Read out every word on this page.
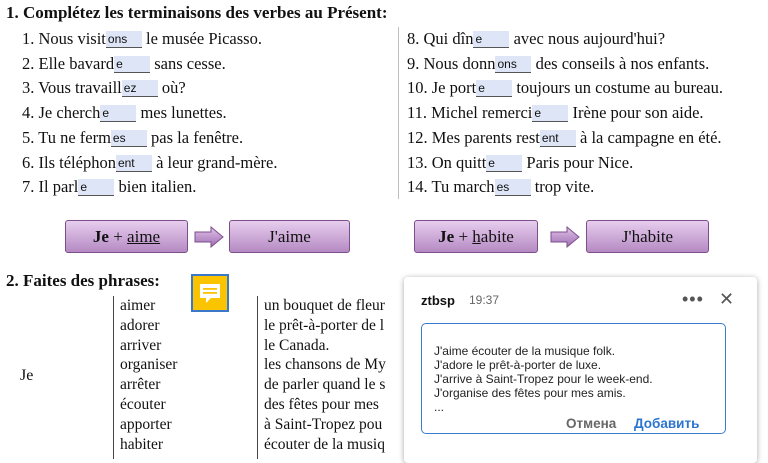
1. Complétez les terminaisons des verbes au Présent:
1. Nous visit ons le musée Picasso.
2. Elle bavard e sans cesse.
3. Vous travaill ez où?
4. Je cherch e mes lunettes.
5. Tu ne ferm es pas la fenêtre.
6. Ils téléphon ent à leur grand-mère.
7. Il parl e bien italien.
8. Qui dîn e avec nous aujourd'hui?
9. Nous donn ons des conseils à nos enfants.
10. Je port e toujours un costume au bureau.
11. Michel remerci e Irène pour son aide.
12. Mes parents rest ent à la campagne en été.
13. On quitt e Paris pour Nice.
14. Tu march es trop vite.
Je + aime	J'aime	Je + habite	J'habite
2. Faites des phrases:
Je
aimer
adorer
arriver
organiser
arrêter
écouter
apporter
habiter
un bouquet de fleur
le prêt-à-porter de l
le Canada.
les chansons de My
de parler quand le s
des fêtes pour mes
à Saint-Tropez pou
écouter de la musiq
ztbsp 19:37	••• ✕
J'aime écouter de la musique folk.
J'adore le prêt-à-porter de luxe.
J'arrive à Saint-Tropez pour le week-end.
J'organise des fêtes pour mes amis.
...
Отмена Добавить
